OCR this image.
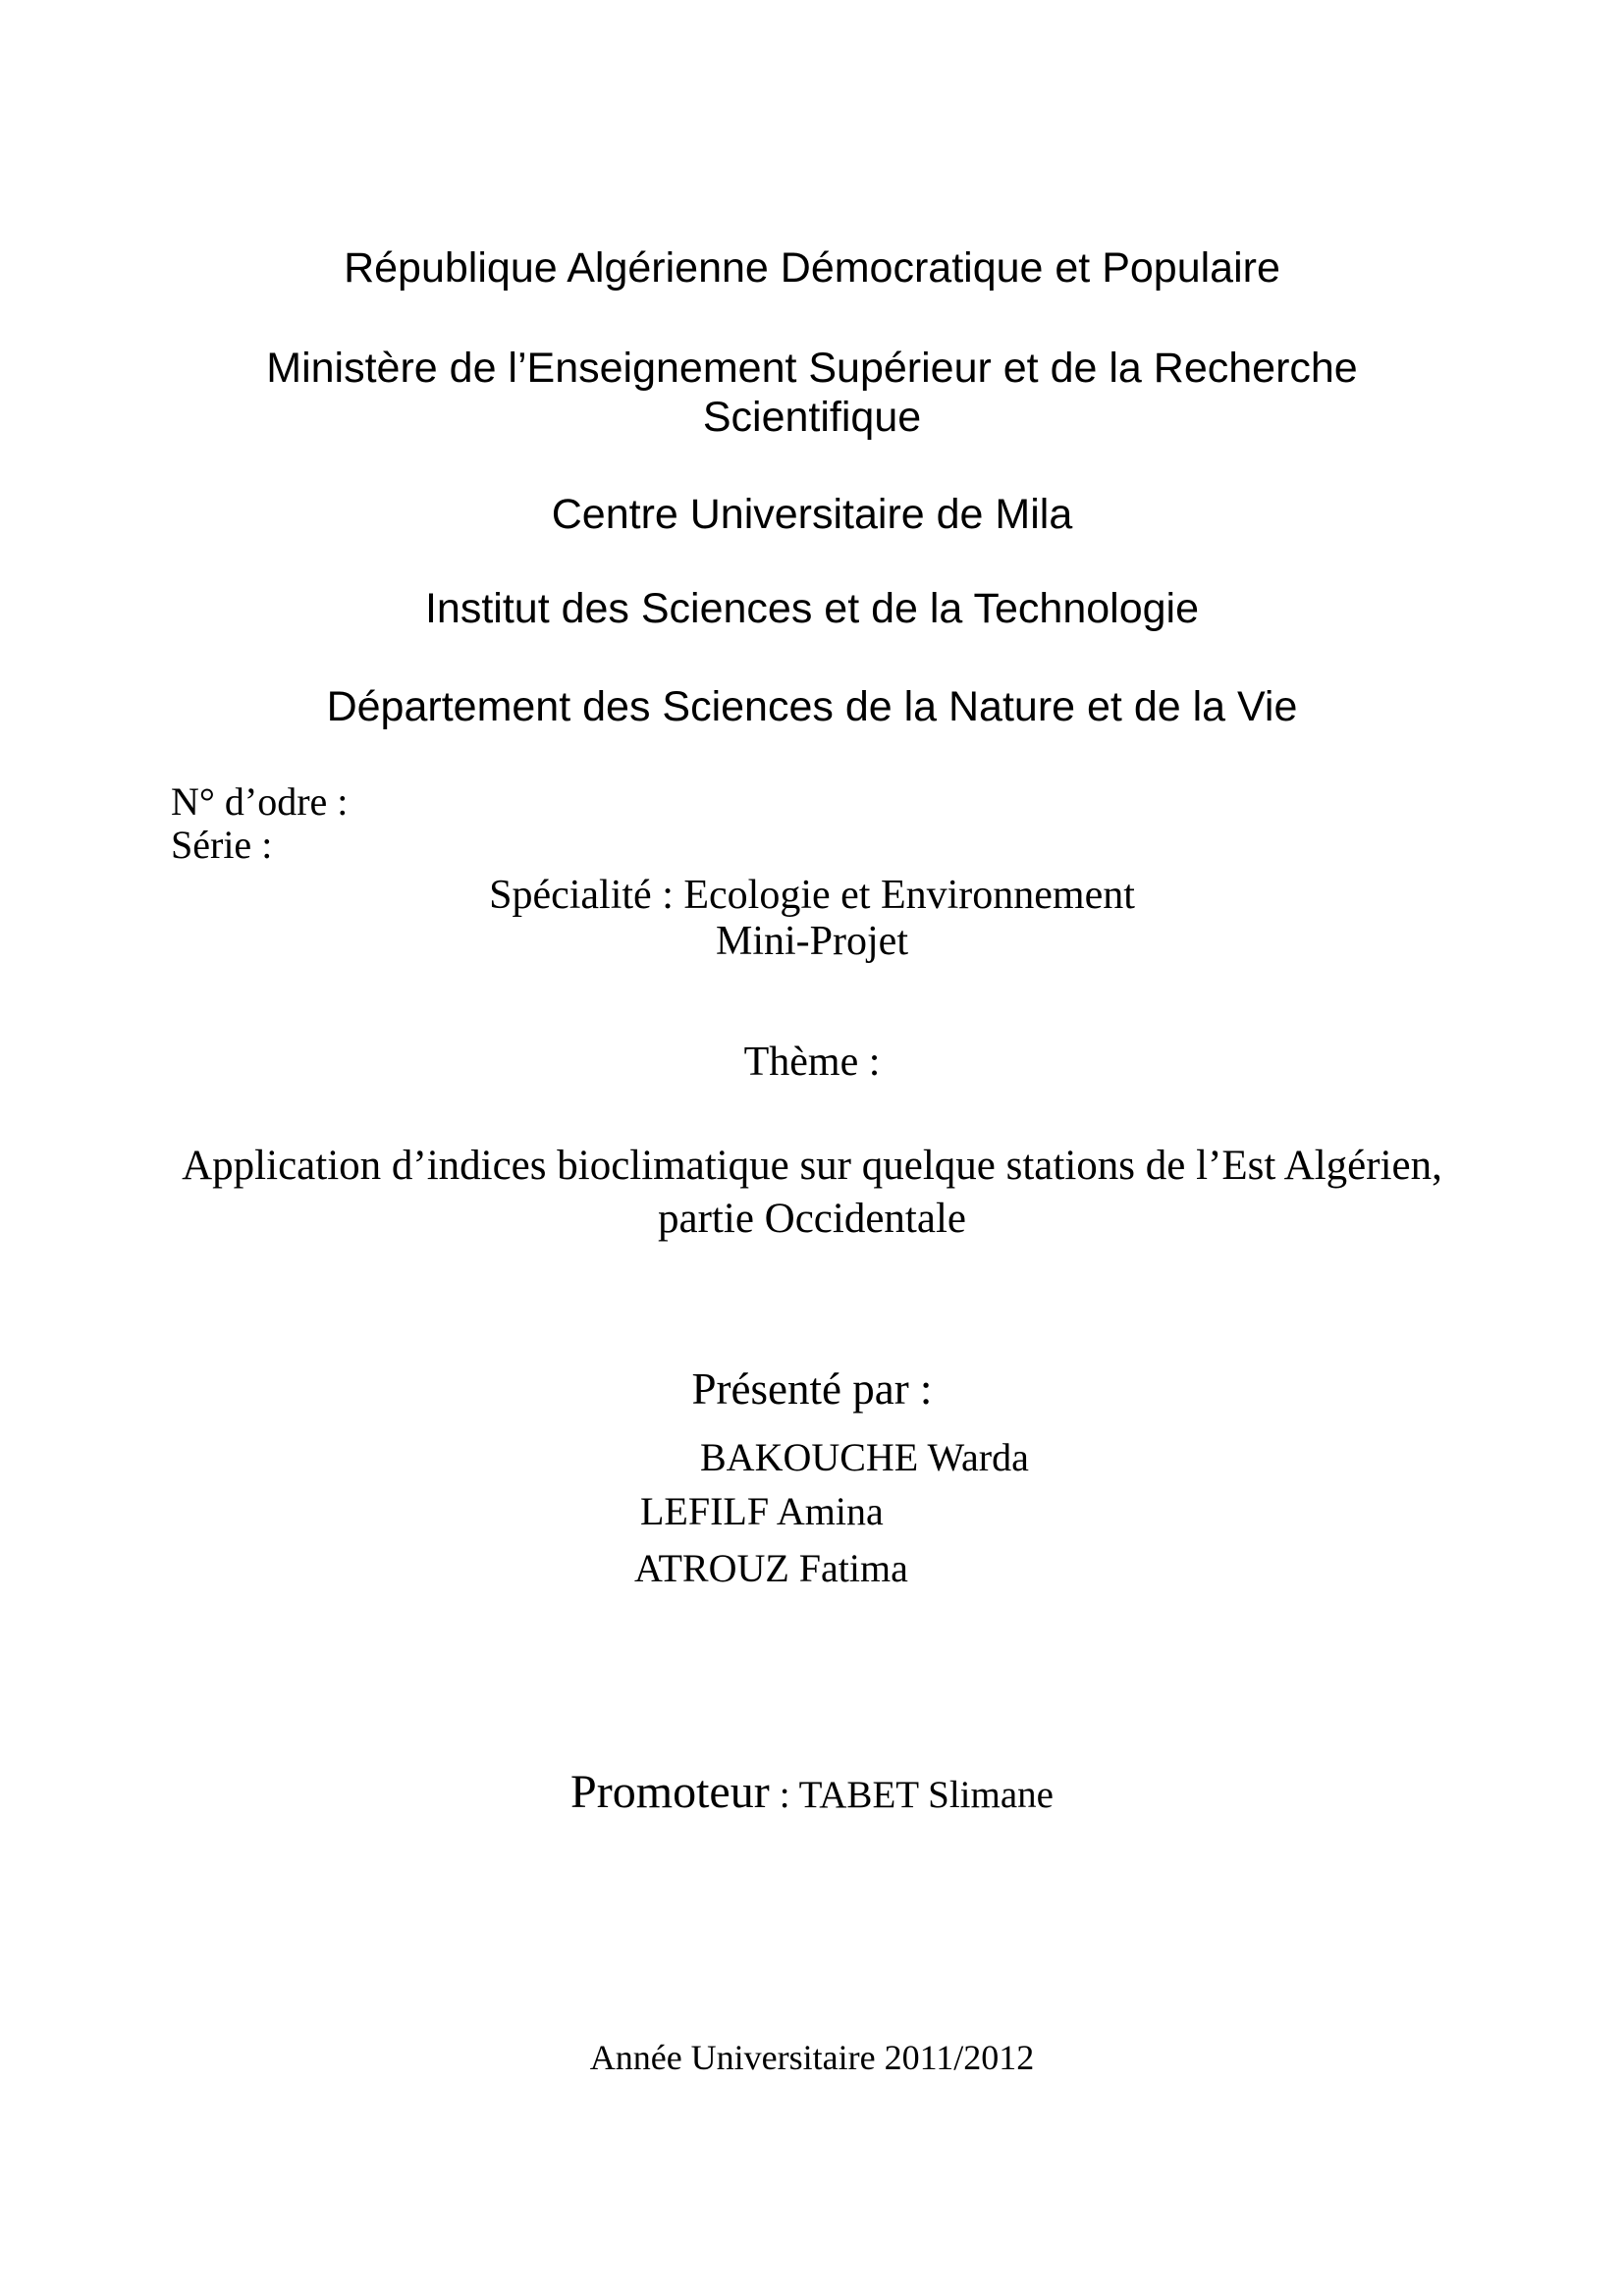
République Algérienne Démocratique et Populaire
Ministère de l’Enseignement Supérieur et de la Recherche Scientifique
Centre Universitaire de Mila
Institut des Sciences et de la Technologie
Département des Sciences de la Nature et de la Vie
N° d’odre :
Série :
Spécialité : Ecologie et Environnement
Mini-Projet
Thème :
Application d’indices bioclimatique sur quelque stations de l’Est Algérien,
partie Occidentale
Présenté par :
BAKOUCHE Warda
LEFILF Amina
ATROUZ Fatima
Promoteur : TABET Slimane
Année Universitaire 2011/2012
